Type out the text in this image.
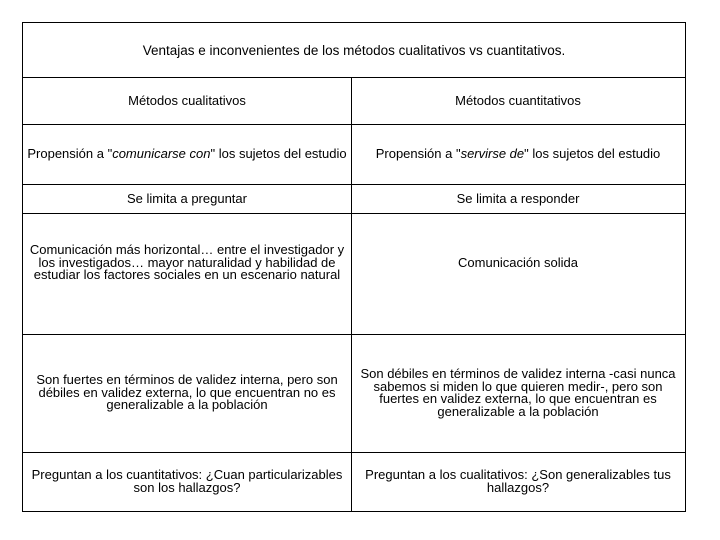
Ventajas e inconvenientes de los métodos cualitativos vs cuantitativos.
Métodos cualitativos	Métodos cuantitativos
Propensión a "comunicarse con" los sujetos del estudio Propensión a "servirse de" los sujetos del estudio
Se limita a preguntar	Se limita a responder
Comunicación más horizontal… entre el investigador y los investigados… mayor naturalidad y habilidad de estudiar los factores sociales en un escenario natural
Comunicación solida
Son fuertes en términos de validez interna, pero son débiles en validez externa, lo que encuentran no es generalizable a la población
Son débiles en términos de validez interna -casi nunca sabemos si miden lo que quieren medir-, pero son fuertes en validez externa, lo que encuentran es generalizable a la población
Preguntan a los cuantitativos: ¿Cuan particularizables son los hallazgos?
Preguntan a los cualitativos: ¿Son generalizables tus hallazgos?
